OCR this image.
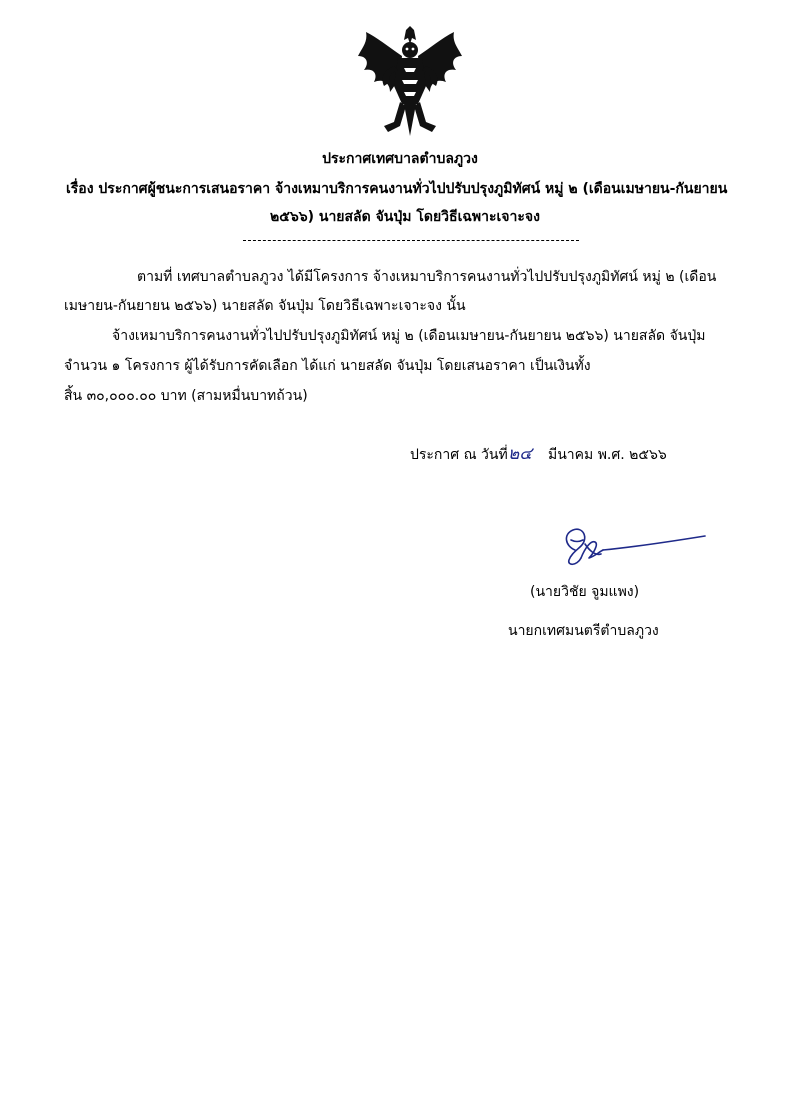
ประกาศเทศบาลตำบลภูวง
เรื่อง ประกาศผู้ชนะการเสนอราคา จ้างเหมาบริการคนงานทั่วไปปรับปรุงภูมิทัศน์ หมู่ ๒ (เดือนเมษายน-กันยายน
๒๕๖๖) นายสลัด จันปุ่ม โดยวิธีเฉพาะเจาะจง
ตามที่ เทศบาลตำบลภูวง ได้มีโครงการ จ้างเหมาบริการคนงานทั่วไปปรับปรุงภูมิทัศน์ หมู่ ๒ (เดือน
เมษายน-กันยายน ๒๕๖๖) นายสลัด จันปุ่ม โดยวิธีเฉพาะเจาะจง นั้น
จ้างเหมาบริการคนงานทั่วไปปรับปรุงภูมิทัศน์ หมู่ ๒ (เดือนเมษายน-กันยายน ๒๕๖๖) นายสลัด จันปุ่ม
จำนวน ๑ โครงการ ผู้ได้รับการคัดเลือก ได้แก่ นายสลัด จันปุ่ม โดยเสนอราคา เป็นเงินทั้ง
สิ้น ๓๐,๐๐๐.๐๐ บาท (สามหมื่นบาทถ้วน)
ประกาศ ณ วันที่ ๒๔ มีนาคม พ.ศ. ๒๕๖๖
(นายวิชัย จูมแพง)
นายกเทศมนตรีตำบลภูวง
